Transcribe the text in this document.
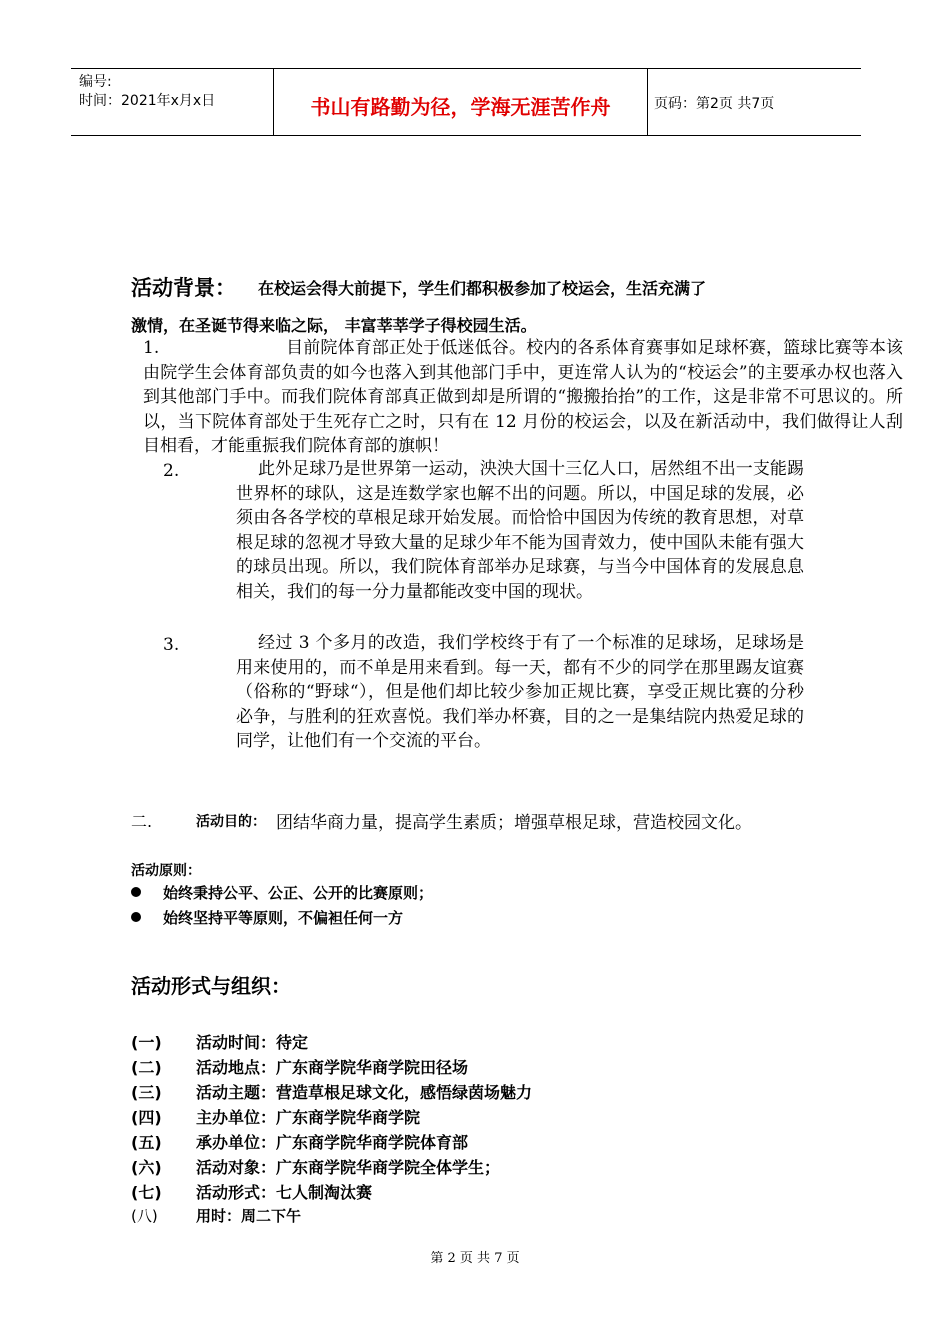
编号:
时间：2021年x月x日	书山有路勤为径，学海无涯苦作舟	页码：第2页 共7页
活动背景： 在校运会得大前提下，学生们都积极参加了校运会，生活充满了
激情，在圣诞节得来临之际， 丰富莘莘学子得校园生活。
1.	目前院体育部正处于低迷低谷。校内的各系体育赛事如足球杯赛，篮球比赛等本该由院学生会体育部负责的如今也落入到其他部门手中，更连常人认为的“校运会”的主要承办权也落入到其他部门手中。而我们院体育部真正做到却是所谓的“搬搬抬抬”的工作，这是非常不可思议的。所以，当下院体育部处于生死存亡之时，只有在 12 月份的校运会，以及在新活动中，我们做得让人刮目相看，才能重振我们院体育部的旗帜！
2.	此外足球乃是世界第一运动，泱泱大国十三亿人口，居然组不出一支能踢世界杯的球队，这是连数学家也解不出的问题。所以，中国足球的发展，必须由各各学校的草根足球开始发展。而恰恰中国因为传统的教育思想，对草根足球的忽视才导致大量的足球少年不能为国青效力，使中国队未能有强大的球员出现。所以，我们院体育部举办足球赛，与当今中国体育的发展息息相关，我们的每一分力量都能改变中国的现状。
3.	经过 3 个多月的改造，我们学校终于有了一个标准的足球场，足球场是用来使用的，而不单是用来看到。每一天，都有不少的同学在那里踢友谊赛（俗称的“野球“），但是他们却比较少参加正规比赛，享受正规比赛的分秒必争，与胜利的狂欢喜悦。我们举办杯赛，目的之一是集结院内热爱足球的同学，让他们有一个交流的平台。
二.	活动目的： 团结华商力量，提高学生素质；增强草根足球，营造校园文化。
活动原则：
始终秉持公平、公正、公开的比赛原则；
始终坚持平等原则，不偏袒任何一方
活动形式与组织：
(一) 活动时间：待定
(二) 活动地点：广东商学院华商学院田径场
(三) 活动主题：营造草根足球文化，感悟绿茵场魅力
(四) 主办单位：广东商学院华商学院
(五) 承办单位：广东商学院华商学院体育部
(六) 活动对象：广东商学院华商学院全体学生；
(七) 活动形式：七人制淘汰赛
(八)	用时：周二下午
第 2 页 共 7 页
